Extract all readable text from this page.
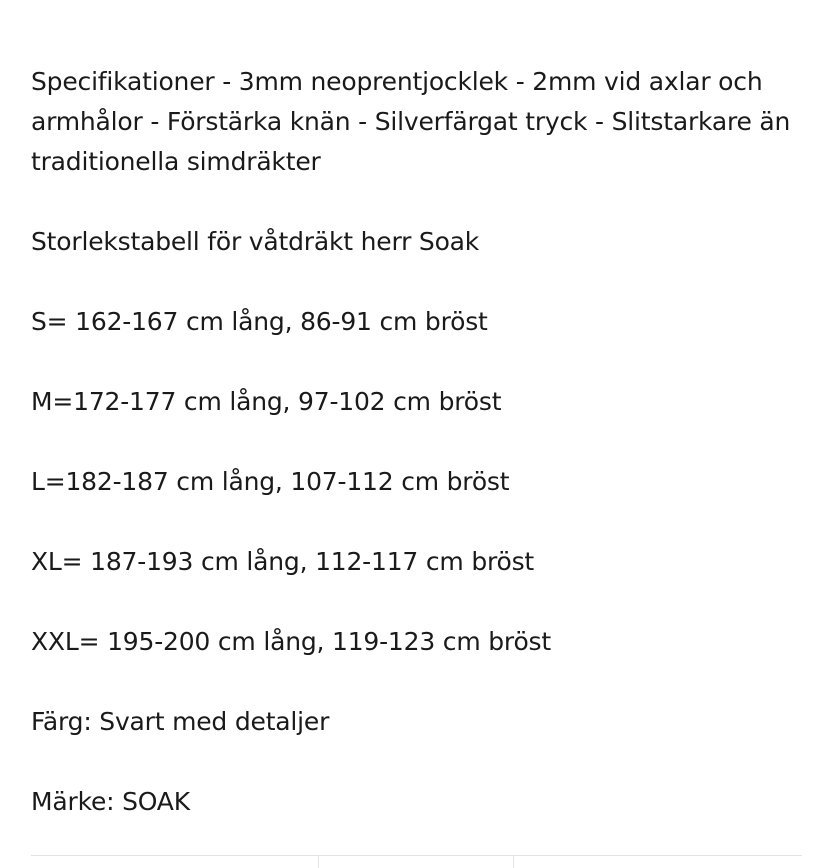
Specifikationer - 3mm neoprentjocklek - 2mm vid axlar och armhålor - Förstärka knän - Silverfärgat tryck - Slitstarkare än traditionella simdräkter

Storlekstabell för våtdräkt herr Soak

S= 162-167 cm lång, 86-91 cm bröst

M=172-177 cm lång, 97-102 cm bröst

L=182-187 cm lång, 107-112 cm bröst

XL= 187-193 cm lång, 112-117 cm bröst

XXL= 195-200 cm lång, 119-123 cm bröst

Färg: Svart med detaljer

Märke: SOAK
